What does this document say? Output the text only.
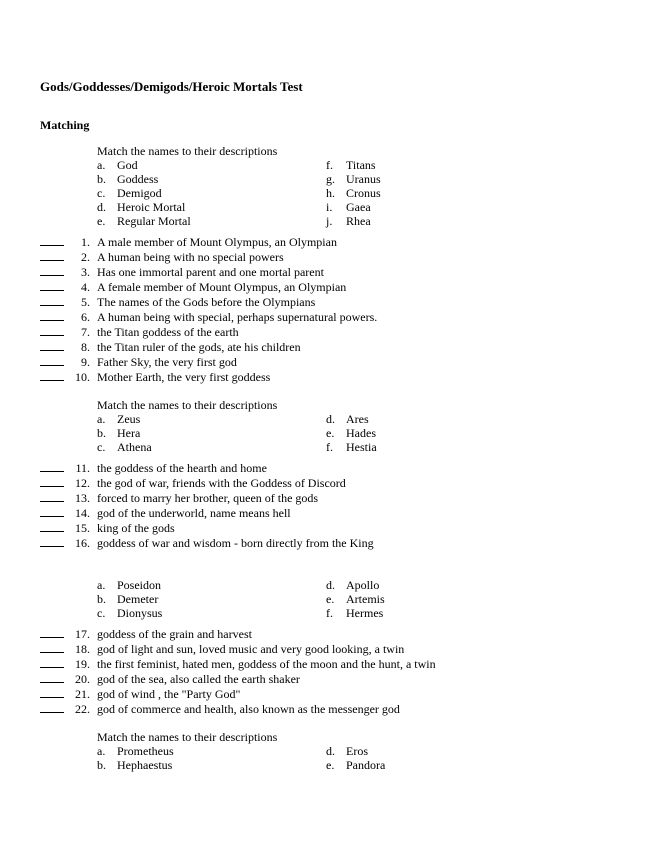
Gods/Goddesses/Demigods/Heroic Mortals Test
Matching
Match the names to their descriptions
a. God
b. Goddess
c. Demigod
d. Heroic Mortal
e. Regular Mortal
f. Titans
g. Uranus
h. Cronus
i. Gaea
j. Rhea
1. A male member of Mount Olympus, an Olympian
2. A human being with no special powers
3. Has one immortal parent and one mortal parent
4. A female member of Mount Olympus, an Olympian
5. The names of the Gods before the Olympians
6. A human being with special, perhaps supernatural powers.
7. the Titan goddess of the earth
8. the Titan ruler of the gods, ate his children
9. Father Sky, the very first god
10. Mother Earth, the very first goddess
Match the names to their descriptions
a. Zeus
b. Hera
c. Athena
d. Ares
e. Hades
f. Hestia
11. the goddess of the hearth and home
12. the god of war, friends with the Goddess of Discord
13. forced to marry her brother, queen of the gods
14. god of the underworld, name means hell
15. king of the gods
16. goddess of war and wisdom - born directly from the King
a. Poseidon
b. Demeter
c. Dionysus
d. Apollo
e. Artemis
f. Hermes
17. goddess of the grain and harvest
18. god of light and sun, loved music and very good looking, a twin
19. the first feminist, hated men, goddess of the moon and the hunt, a twin
20. god of the sea, also called the earth shaker
21. god of wind , the "Party God"
22. god of commerce and health, also known as the messenger god
Match the names to their descriptions
a. Prometheus
b. Hephaestus
d. Eros
e. Pandora
